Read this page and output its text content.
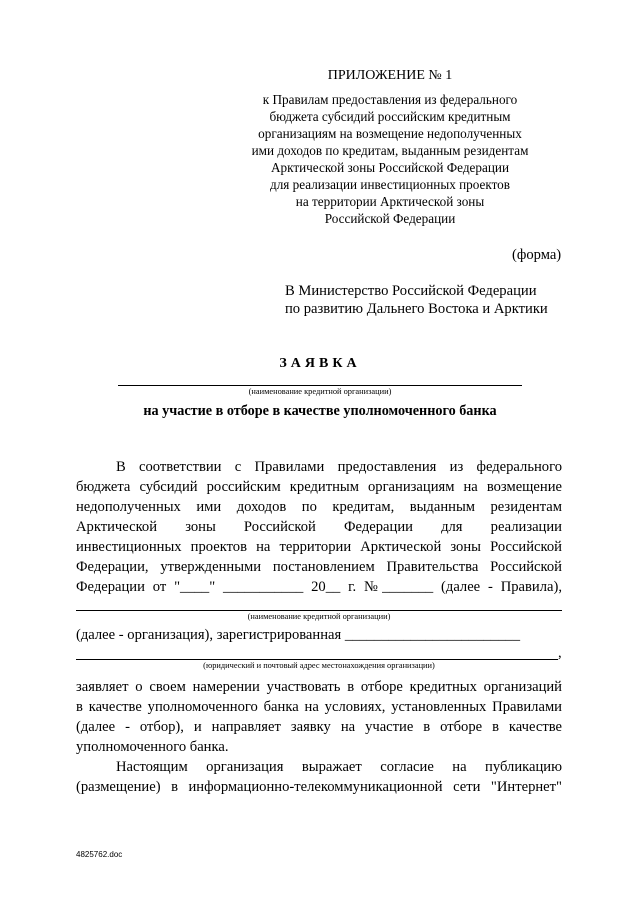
ПРИЛОЖЕНИЕ № 1
к Правилам предоставления из федерального
бюджета субсидий российским кредитным
организациям на возмещение недополученных
ими доходов по кредитам, выданным резидентам
Арктической зоны Российской Федерации
для реализации инвестиционных проектов
на территории Арктической зоны
Российской Федерации
(форма)
В Министерство Российской Федерации
по развитию Дальнего Востока и Арктики
ЗАЯВКА
(наименование кредитной организации)
на участие в отборе в качестве уполномоченного банка
В соответствии с Правилами предоставления из федерального
бюджета субсидий российским кредитным организациям на возмещение
недополученных ими доходов по кредитам, выданным резидентам
Арктической зоны Российской Федерации для реализации
инвестиционных проектов на территории Арктической зоны Российской
Федерации, утвержденными постановлением Правительства Российской
Федерации от "____" ___________ 20__ г. №_______ (далее - Правила),
(наименование кредитной организации)
(далее - организация), зарегистрированная ________________________
,
(юридический и почтовый адрес местонахождения организации)
заявляет о своем намерении участвовать в отборе кредитных организаций
в качестве уполномоченного банка на условиях, установленных Правилами
(далее - отбор), и направляет заявку на участие в отборе в качестве
уполномоченного банка.
Настоящим организация выражает согласие на публикацию
(размещение) в информационно-телекоммуникационной сети "Интернет"
4825762.doc
